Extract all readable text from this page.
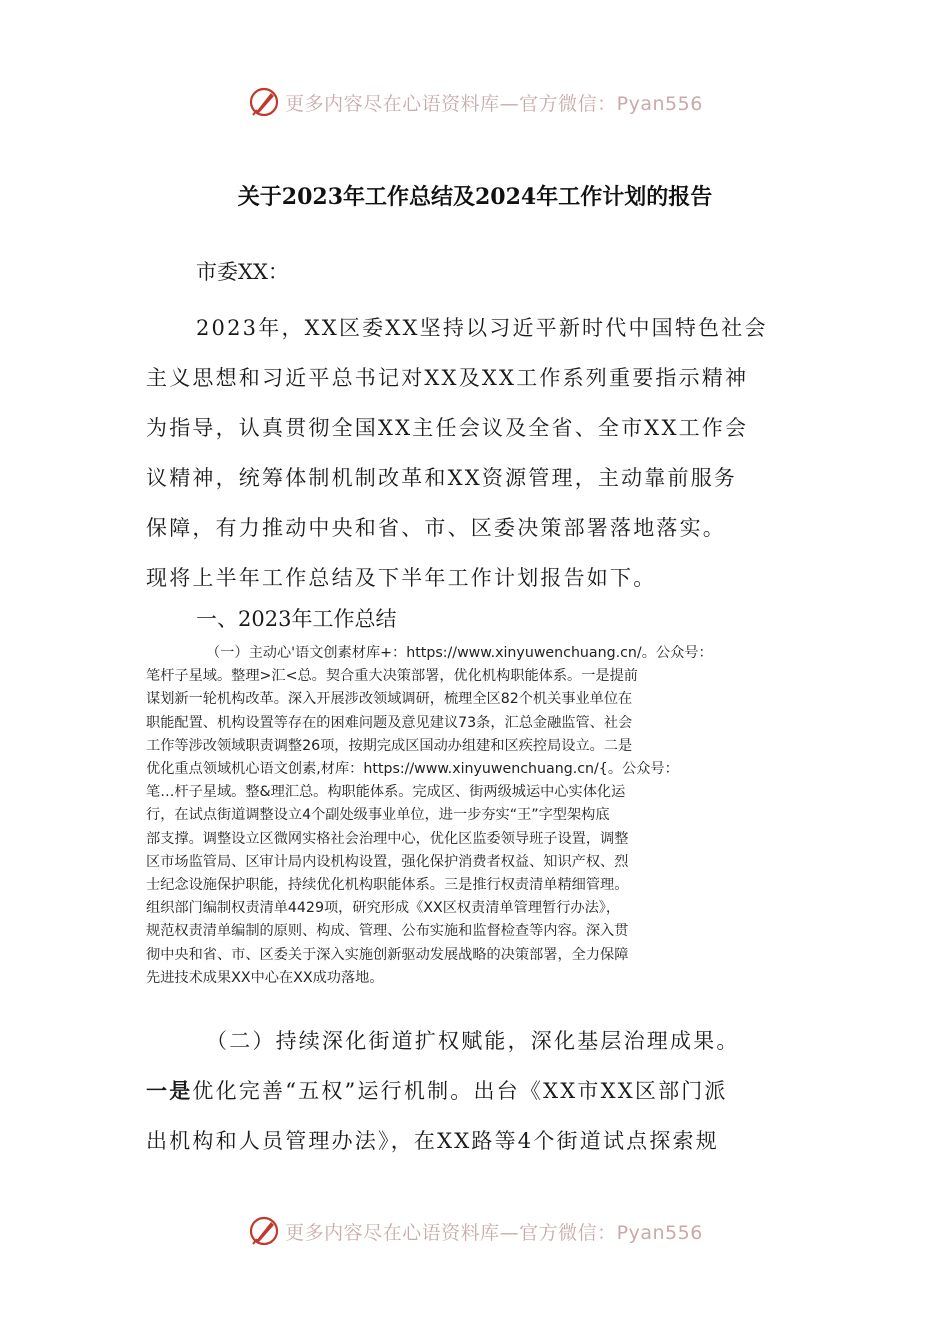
更多内容尽在心语资料库—官方微信：Pyan556
关于2023年工作总结及2024年工作计划的报告
市委XX：
2023年，XX区委XX坚持以习近平新时代中国特色社会
主义思想和习近平总书记对XX及XX工作系列重要指示精神
为指导，认真贯彻全国XX主任会议及全省、全市XX工作会
议精神，统筹体制机制改革和XX资源管理，主动靠前服务
保障，有力推动中央和省、市、区委决策部署落地落实。
现将上半年工作总结及下半年工作计划报告如下。
一、2023年工作总结
（一）主动心'语文创素材库+：https://www.xinyuwenchuang.cn/。公众号：
笔杆子星域。整理>汇<总。契合重大决策部署，优化机构职能体系。一是提前
谋划新一轮机构改革。深入开展涉改领域调研，梳理全区82个机关事业单位在
职能配置、机构设置等存在的困难问题及意见建议73条，汇总金融监管、社会
工作等涉改领域职责调整26项，按期完成区国动办组建和区疾控局设立。二是
优化重点领域机心语文创素,材库：https://www.xinyuwenchuang.cn/{。公众号：
笔…杆子星域。整&理汇总。构职能体系。完成区、街两级城运中心实体化运
行，在试点街道调整设立4个副处级事业单位，进一步夯实“王”字型架构底
部支撑。调整设立区微网实格社会治理中心，优化区监委领导班子设置，调整
区市场监管局、区审计局内设机构设置，强化保护消费者权益、知识产权、烈
士纪念设施保护职能，持续优化机构职能体系。三是推行权责清单精细管理。
组织部门编制权责清单4429项，研究形成《XX区权责清单管理暂行办法》，
规范权责清单编制的原则、构成、管理、公布实施和监督检查等内容。深入贯
彻中央和省、市、区委关于深入实施创新驱动发展战略的决策部署，全力保障
先进技术成果XX中心在XX成功落地。
（二）持续深化街道扩权赋能，深化基层治理成果。
一是优化完善“五权”运行机制。出台《XX市XX区部门派
出机构和人员管理办法》，在XX路等4个街道试点探索规
更多内容尽在心语资料库—官方微信：Pyan556
